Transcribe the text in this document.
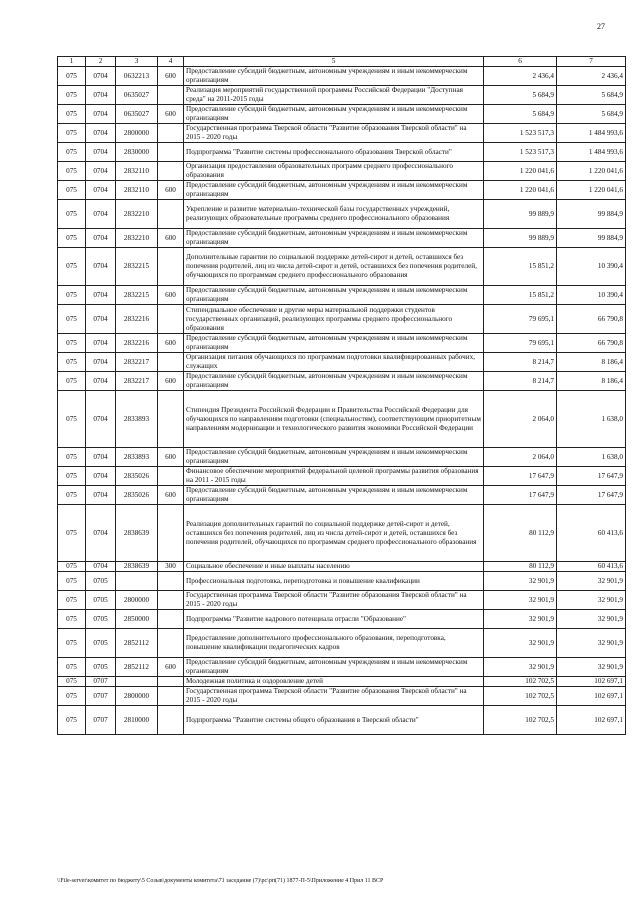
27
1	2	3	4	5	6	7
075	0704	0632213	600	Предоставление субсидий бюджетным, автономным учреждениям и иным некоммерческим организациям	2 436,4	2 436,4
075	0704	0635027		Реализация мероприятий государственной программы Российской Федерации "Доступная среда" на 2011-2015 годы	5 684,9	5 684,9
075	0704	0635027	600	Предоставление субсидий бюджетным, автономным учреждениям и иным некоммерческим организациям	5 684,9	5 684,9
075	0704	2800000		Государственная программа Тверской области "Развитие образования Тверской области" на 2015 - 2020 годы	1 523 517,3	1 484 993,6
075	0704	2830000		Подпрограмма "Развитие системы профессионального образования Тверской области"	1 523 517,3	1 484 993,6
075	0704	2832110		Организация предоставления образовательных программ среднего профессионального образования	1 220 041,6	1 220 041,6
075	0704	2832110	600	Предоставление субсидий бюджетным, автономным учреждениям и иным некоммерческим организациям	1 220 041,6	1 220 041,6
075	0704	2832210		Укрепление и развитие материально-технической базы государственных учреждений, реализующих образовательные программы среднего профессионального образования	99 889,9	99 884,9
075	0704	2832210	600	Предоставление субсидий бюджетным, автономным учреждениям и иным некоммерческим организациям	99 889,9	99 884,9
075	0704	2832215		Дополнительные гарантии по социальной поддержке детей-сирот и детей, оставшихся без попечения родителей, лиц из числа детей-сирот и детей, оставшихся без попечения родителей, обучающихся по программам среднего профессионального образования	15 851,2	10 390,4
075	0704	2832215	600	Предоставление субсидий бюджетным, автономным учреждениям и иным некоммерческим организациям	15 851,2	10 390,4
075	0704	2832216		Стипендиальное обеспечение и другие меры материальной поддержки студентов государственных организаций, реализующих программы среднего профессионального образования	79 695,1	66 790,8
075	0704	2832216	600	Предоставление субсидий бюджетным, автономным учреждениям и иным некоммерческим организациям	79 695,1	66 790,8
075	0704	2832217		Организация питания обучающихся по программам подготовки квалифицированных рабочих, служащих	8 214,7	8 186,4
075	0704	2832217	600	Предоставление субсидий бюджетным, автономным учреждениям и иным некоммерческим организациям	8 214,7	8 186,4
075	0704	2833893		Стипендия Президента Российской Федерации и Правительства Российской Федерации для обучающихся по направлениям подготовки (специальностям), соответствующим приоритетным направлениям модернизации и технологического развития экономики Российской Федерации	2 064,0	1 638,0
075	0704	2833893	600	Предоставление субсидий бюджетным, автономным учреждениям и иным некоммерческим организациям	2 064,0	1 638,0
075	0704	2835026		Финансовое обеспечение мероприятий федеральной целевой программы развития образования на 2011 - 2015 годы	17 647,9	17 647,9
075	0704	2835026	600	Предоставление субсидий бюджетным, автономным учреждениям и иным некоммерческим организациям	17 647,9	17 647,9
075	0704	2838639		Реализация дополнительных гарантий по социальной поддержке детей-сирот и детей, оставшихся без попечения родителей, лиц из числа детей-сирот и детей, оставшихся без попечения родителей, обучающихся по программам среднего профессионального образования	80 112,9	60 413,6
075	0704	2838639	300	Социальное обеспечение и иные выплаты населению	80 112,9	60 413,6
075	0705			Профессиональная подготовка, переподготовка и повышение квалификации	32 901,9	32 901,9
075	0705	2800000		Государственная программа Тверской области "Развитие образования Тверской области" на 2015 - 2020 годы	32 901,9	32 901,9
075	0705	2850000		Подпрограмма "Развитие кадрового потенциала отрасли "Образование"	32 901,9	32 901,9
075	0705	2852112		Предоставление дополнительного профессионального образования, переподготовка, повышение квалификации педагогических кадров	32 901,9	32 901,9
075	0705	2852112	600	Предоставление субсидий бюджетным, автономным учреждениям и иным некоммерческим организациям	32 901,9	32 901,9
075	0707			Молодежная политика и оздоровление детей	102 702,5	102 697,1
075	0707	2800000		Государственная программа Тверской области "Развитие образования Тверской области" на 2015 - 2020 годы	102 702,5	102 697,1
075	0707	2810000		Подпрограмма "Развитие системы общего образования в Тверской области"	102 702,5	102 697,1
\\File-server\комитет по бюджету\5 Созыв\документы комитета\71 заседание (7)\рс\рп(71) 1877-П-5\Приложение 4 Прил 11 ВСР
